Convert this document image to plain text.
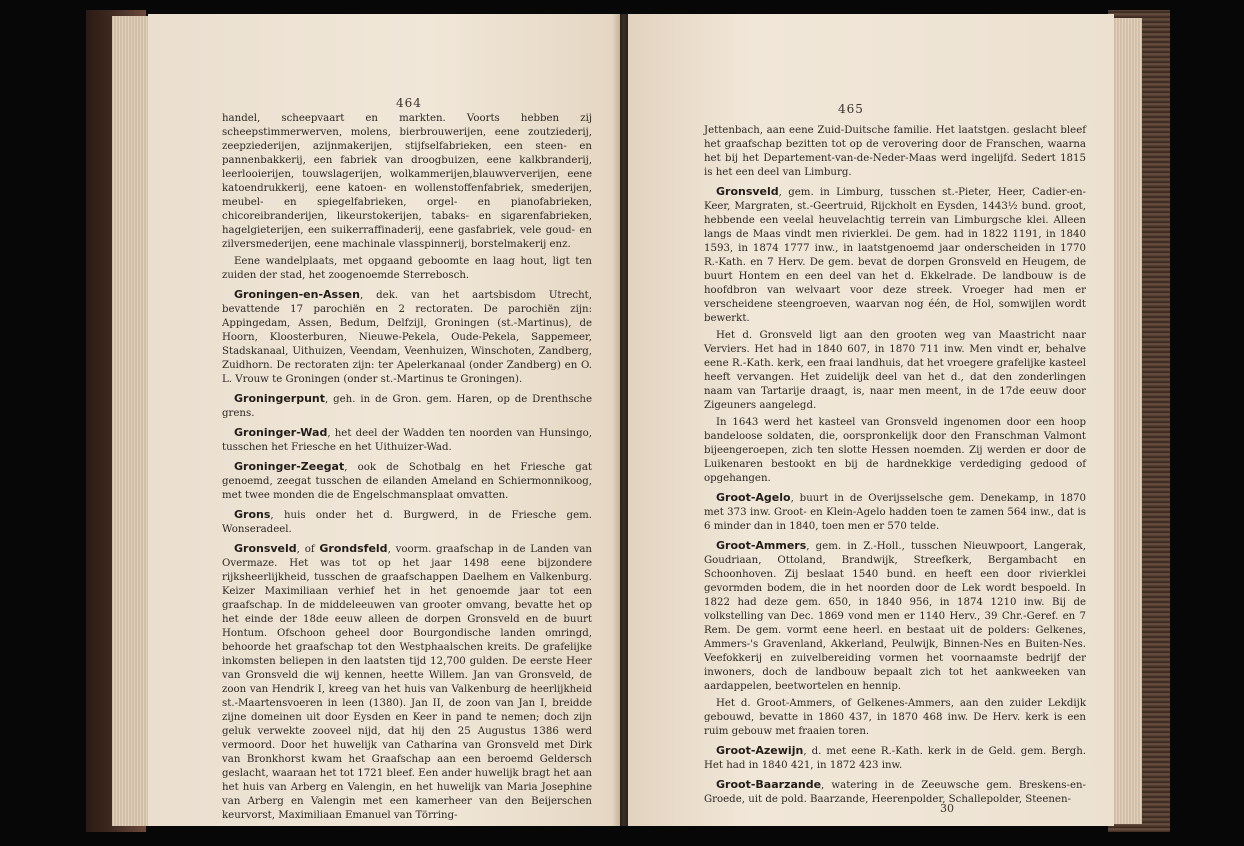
464

handel, scheepvaart en markten. Voorts hebben zij scheepstimmerwerven, molens, bierbrouwerijen, eene zoutziederij, zeepziederijen, azijnmakerijen, stijfselfabrieken, een steen- en pannenbakkerij, een fabriek van droogbuizen, eene kalkbranderij, leerlooierijen, touwslagerijen, wolkammerijen,blauwververijen, eene katoendrukkerij, eene katoen- en wollenstoffenfabriek, smederijen, meubel- en spiegelfabrieken, orgel- en pianofabrieken, chicoreibranderijen, likeurstokerijen, tabaks- en sigarenfabrieken, hagelgieterijen, een suikerraffinaderij, eene gasfabriek, vele goud- en zilversmederijen, eene machinale vlasspinnerij, borstelmakerij enz.

Eene wandelplaats, met opgaand geboomte en laag hout, ligt ten zuiden der stad, het zoogenoemde Sterrebosch.

Groningen-en-Assen, dek. van het aartsbisdom Utrecht, bevattende 17 parochiën en 2 rectoraten. De parochiën zijn: Appingedam, Assen, Bedum, Delfzijl, Groningen (st.-Martinus), de Hoorn, Kloosterburen, Nieuwe-Pekela, Oude-Pekela, Sappemeer, Stadskanaal, Uithuizen, Veendam, Veenhuizen, Winschoten, Zandberg, Zuidhorn. De rectoraten zijn: ter Apelerkanaal (onder Zandberg) en O. L. Vrouw te Groningen (onder st.-Martinus te Groningen).

Groningerpunt, geh. in de Gron. gem. Haren, op de Drenthsche grens.

Groninger-Wad, het deel der Wadden ten noorden van Hunsingo, tusschen het Friesche en het Uithuizer-Wad.

Groninger-Zeegat, ook de Schotbalg en het Friesche gat genoemd, zeegat tusschen de eilanden Ameland en Schiermonnikoog, met twee monden die de Engelschmansplaat omvatten.

Grons, huis onder het d. Burgwerd, in de Friesche gem. Wonseradeel.

Gronsveld, of Grondsfeld, voorm. graafschap in de Landen van Overmaze. Het was tot op het jaar 1498 eene bijzondere rijksheerlijkheid, tusschen de graafschappen Daelhem en Valkenburg. Keizer Maximiliaan verhief het in het genoemde jaar tot een graafschap. In de middeleeuwen van grooter omvang, bevatte het op het einde der 18de eeuw alleen de dorpen Gronsveld en de buurt Hontum. Ofschoon geheel door Bourgondische landen omringd, behoorde het graafschap tot den Westphaalschen kreits. De grafelijke inkomsten beliepen in den laatsten tijd 12,700 gulden. De eerste Heer van Gronsveld die wij kennen, heette Willem. Jan van Gronsveld, de zoon van Hendrik I, kreeg van het huis van Valkenburg de heerlijkheid st.-Maartensvoeren in leen (1380). Jan II, de zoon van Jan I, breidde zijne domeinen uit door Eysden en Keer in pand te nemen; doch zijn geluk verwekte zooveel nijd, dat hij den 25 Augustus 1386 werd vermoord. Door het huwelijk van Catharina van Gronsveld met Dirk van Bronkhorst kwam het Graafschap aan een beroemd Geldersch geslacht, waaraan het tot 1721 bleef. Een ander huwelijk bragt het aan het huis van Arberg en Valengin, en het huwelijk van Maria Josephine van Arberg en Valengin met een kamerheer van den Beijerschen keurvorst, Maximiliaan Emanuel van Törring-

465

Jettenbach, aan eene Zuid-Duitsche familie. Het laatstgen. geslacht bleef het graafschap bezitten tot op de verovering door de Franschen, waarna het bij het Departement-van-de-Neder-Maas werd ingelijfd. Sedert 1815 is het een deel van Limburg.

Gronsveld, gem. in Limburg, tusschen st.-Pieter, Heer, Cadier-en-Keer, Margraten, st.-Geertruid, Rijckholt en Eysden, 1443½ bund. groot, hebbende een veelal heuvelachtig terrein van Limburgsche klei. Alleen langs de Maas vindt men rivierklei. De gem. had in 1822 1191, in 1840 1593, in 1874 1777 inw., in laatstgenoemd jaar onderscheiden in 1770 R.-Kath. en 7 Herv. De gem. bevat de dorpen Gronsveld en Heugem, de buurt Hontem en een deel van het d. Ekkelrade. De landbouw is de hoofdbron van welvaart voor deze streek. Vroeger had men er verscheidene steengroeven, waarvan nog één, de Hol, somwijlen wordt bewerkt.

Het d. Gronsveld ligt aan den grooten weg van Maastricht naar Verviers. Het had in 1840 607, in 1870 711 inw. Men vindt er, behalve eene R.-Kath. kerk, een fraai landhuis, dat het vroegere grafelijke kasteel heeft vervangen. Het zuidelijk deel van het d., dat den zonderlingen naam van Tartarije draagt, is, naar men meent, in de 17de eeuw door Zigeuners aangelegd.

In 1643 werd het kasteel van Gronsveld ingenomen door een hoop bandeloose soldaten, die, oorspronkelijk door den Franschman Valmont bijeengeroepen, zich ten slotte Hessen noemden. Zij werden er door de Luikenaren bestookt en bij de hardnekkige verdediging gedood of opgehangen.

Groot-Agelo, buurt in de Overijsselsche gem. Denekamp, in 1870 met 373 inw. Groot- en Klein-Agelo hadden toen te zamen 564 inw., dat is 6 minder dan in 1840, toen men er 570 telde.

Groot-Ammers, gem. in Z.-Holl., tusschen Nieuwpoort, Langerak, Goudriaan, Ottoland, Brandwijk, Streefkerk, Bergambacht en Schoonhoven. Zij beslaat 1540 bund. en heeft een door rivierklei gevormden bodem, die in het noorden door de Lek wordt bespoeld. In 1822 had deze gem. 650, in 1840 956, in 1874 1210 inw. Bij de volkstelling van Dec. 1869 vond men er 1140 Herv., 39 Chr.-Geref. en 7 Rem. De gem. vormt eene heerl. en bestaat uit de polders: Gelkenes, Ammers-'s Gravenland, Akkerland, Peulwijk, Binnen-Nes en Buiten-Nes. Veefokkerij en zuivelbereiding vormen het voornaamste bedrijf der inwoners, doch de landbouw bepaalt zich tot het aankweeken van aardappelen, beetwortelen en hennip.

Het d. Groot-Ammers, of Gelkenes-Ammers, aan den zuider Lekdijk gebouwd, bevatte in 1860 437, in 1870 468 inw. De Herv. kerk is een ruim gebouw met fraaien toren.

Groot-Azewijn, d. met eene R.-Kath. kerk in de Geld. gem. Bergh. Het had in 1840 421, in 1872 423 inw.

Groot-Baarzande, watering in de Zeeuwsche gem. Breskens-en-Groede, uit de pold. Baarzande, Heerenpolder, Schallepolder, Steenen-

30
